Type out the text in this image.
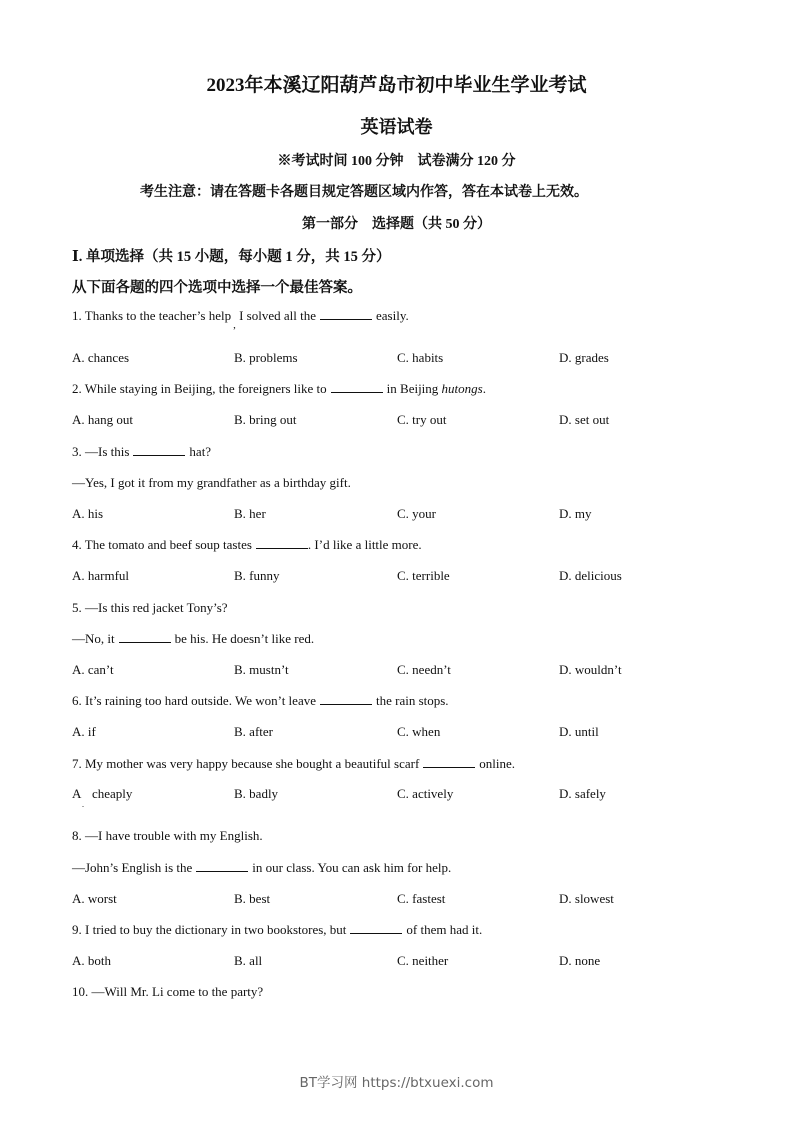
2023年本溪辽阳葫芦岛市初中毕业生学业考试
英语试卷
※考试时间 100 分钟　试卷满分 120 分
考生注意：请在答题卡各题目规定答题区域内作答，答在本试卷上无效。
第一部分　选择题（共 50 分）
Ⅰ. 单项选择（共 15 小题，每小题 1 分，共 15 分）
从下面各题的四个选项中选择一个最佳答案。
1. Thanks to the teacher’s help$_,$ I solved all the	easily.
A. chances	B. problems	C. habits	D. grades
2. While staying in Beijing, the foreigners like to	in Beijing hutongs.
A. hang out	B. bring out	C. try out	D. set out
3. —Is this	hat?
—Yes, I got it from my grandfather as a birthday gift.
A. his	B. her	C. your	D. my
4. The tomato and beef soup tastes	. I’d like a little more.
A. harmful	B. funny	C. terrible	D. delicious
5. —Is this red jacket Tony’s?
—No, it	be his. He doesn’t like red.
A. can’t	B. mustn’t	C. needn’t	D. wouldn’t
6. It’s raining too hard outside. We won’t leave	the rain stops.
A. if	B. after	C. when	D. until
7. My mother was very happy because she bought a beautiful scarf	online.
A
.
cheaply	B. badly	C. actively	D. safely
8. —I have trouble with my English.
—John’s English is the	in our class. You can ask him for help.
A. worst	B. best	C. fastest	D. slowest
9. I tried to buy the dictionary in two bookstores, but	of them had it.
A. both	B. all	C. neither	D. none
10. —Will Mr. Li come to the party?
BT学习网 https://btxuexi.com
